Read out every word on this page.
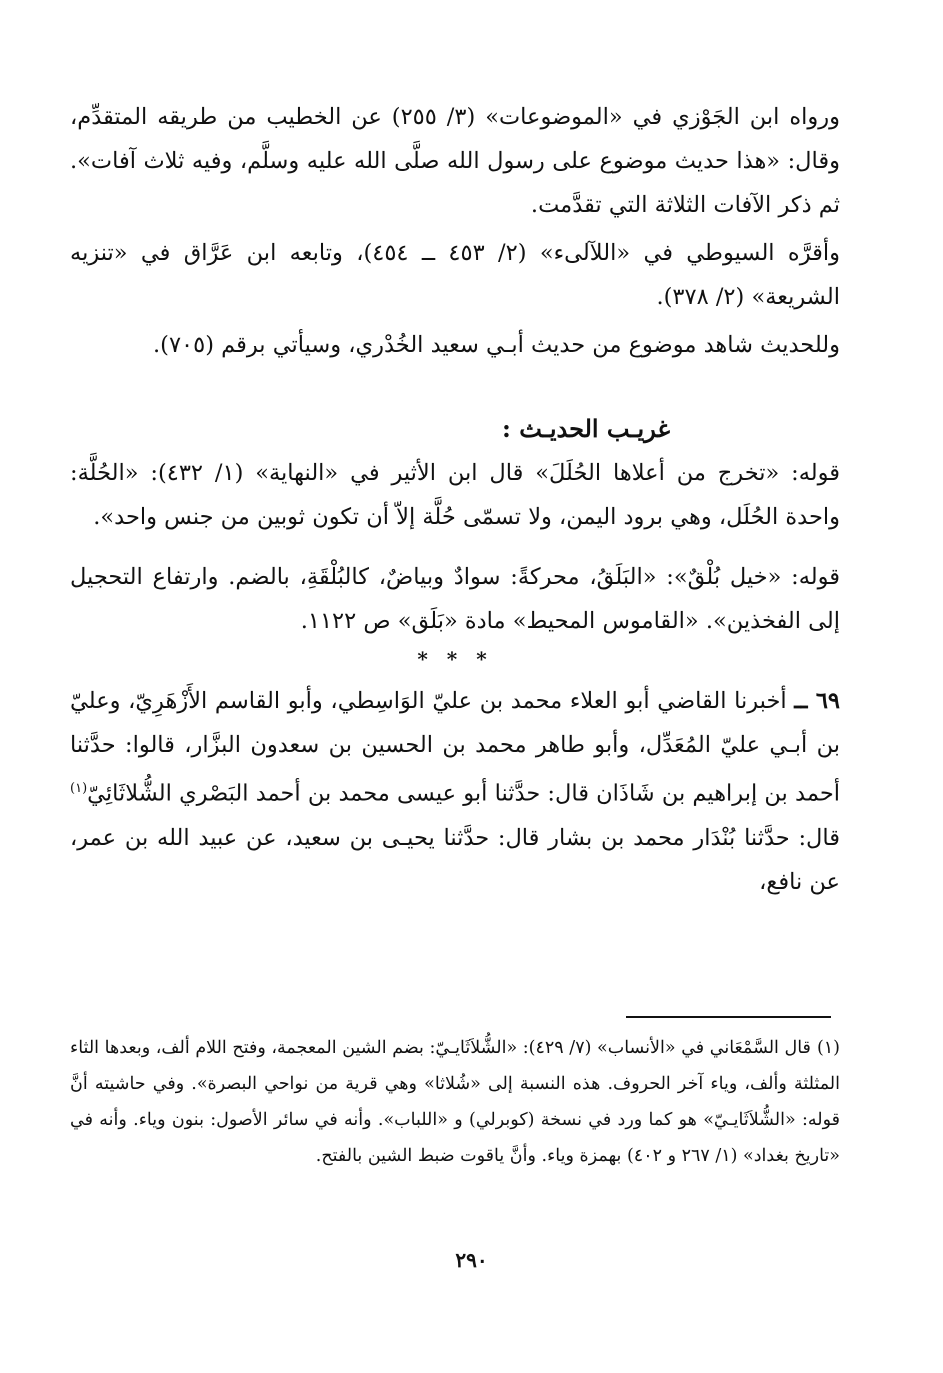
ورواه ابن الجَوْزي في «الموضوعات» (٣/ ٢٥٥) عن الخطيب من طريقه المتقدِّم، وقال: «هذا حديث موضوع على رسول الله صلَّى الله عليه وسلَّم، وفيه ثلاث آفات». ثم ذكر الآفات الثلاثة التي تقدَّمت.

وأقرَّه السيوطي في «اللآلىء» (٢/ ٤٥٣ ــ ٤٥٤)، وتابعه ابن عَرَّاق في «تنزيه الشريعة» (٢/ ٣٧٨).

وللحديث شاهد موضوع من حديث أبـي سعيد الخُدْري، وسيأتي برقم (٧٠٥).

غريـب الحديـث :

قوله: «تخرج من أعلاها الحُلَلَ» قال ابن الأثير في «النهاية» (١/ ٤٣٢): «الحُلَّة: واحدة الحُلَل، وهي برود اليمن، ولا تسمّى حُلَّة إلاّ أن تكون ثوبين من جنس واحد».

قوله: «خيل بُلْقٌ»: «البَلَقُ، محركةً: سوادٌ وبياضٌ، كالبُلْقَةِ، بالضم. وارتفاع التحجيل إلى الفخذين». «القاموس المحيط» مادة «بَلَق» ص ١١٢٢.

* * *

٦٩ ــ أخبرنا القاضي أبو العلاء محمد بن عليّ الوَاسِطي، وأبو القاسم الأَزْهَرِيّ، وعليّ بن أبـي عليّ المُعَدِّل، وأبو طاهر محمد بن الحسين بن سعدون البزَّار، قالوا: حدَّثنا أحمد بن إبراهيم بن شَاذَان قال: حدَّثنا أبو عيسى محمد بن أحمد البَصْري الشُّلاثَائِيّ$^{(١)}$ قال: حدَّثنا بُنْدَار محمد بن بشار قال: حدَّثنا يحيـى بن سعيد، عن عبيد الله بن عمر، عن نافع،

(١)قال السَّمْعَاني في «الأنساب» (٧/ ٤٢٩): «الشُّلاَثَايـيّ: بضم الشين المعجمة، وفتح اللام ألف، وبعدها الثاء المثلثة وألف، وياء آخر الحروف. هذه النسبة إلى «شُلاثا» وهي قرية من نواحي البصرة». وفي حاشيته أنَّ قوله: «الشُّلاَثَايـيّ» هو كما ورد في نسخة (كوبرلي) و «اللباب». وأنه في سائر الأصول: بنون وياء. وأنه في «تاريخ بغداد» (١/ ٢٦٧ و ٤٠٢) بهمزة وياء. وأنَّ ياقوت ضبط الشين بالفتح.
٢٩٠
